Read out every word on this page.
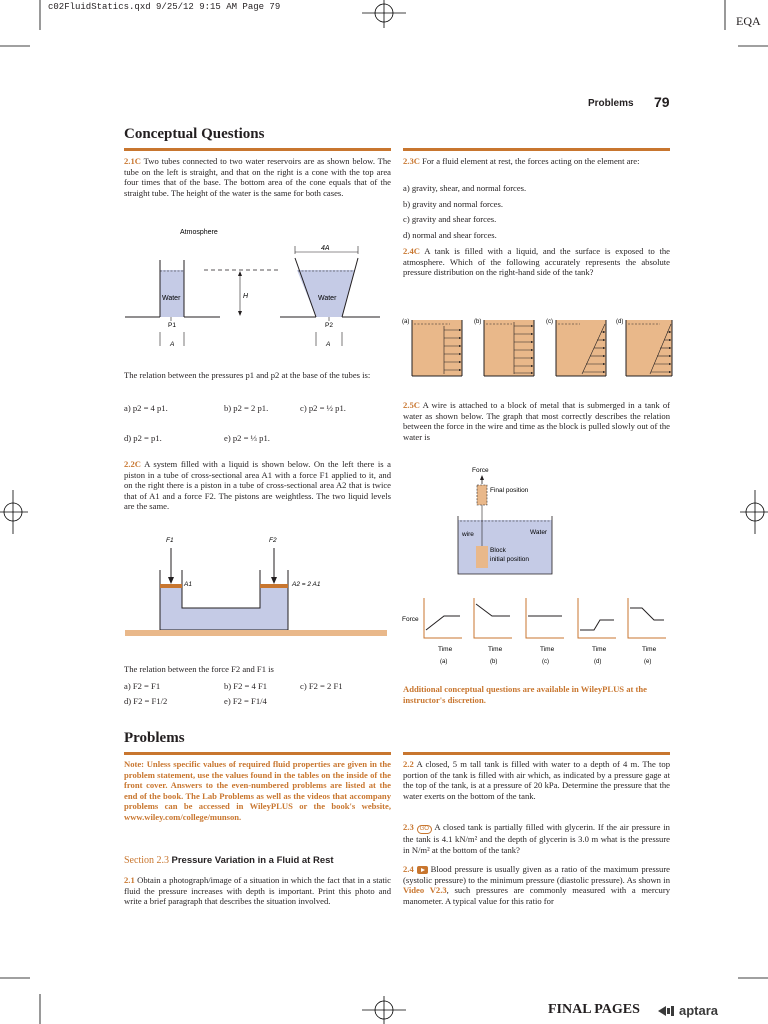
c02FluidStatics.qxd 9/25/12 9:15 AM Page 79
EQA
Problems 79
Conceptual Questions
2.1C Two tubes connected to two water reservoirs are as shown below. The tube on the left is straight, and that on the right is a cone with the top area four times that of the base. The bottom area of the cone equals that of the straight tube. The height of the water is the same for both cases.
Atmosphere
Water
P1
A
H
4A
Water
P2
A
The relation between the pressures p1 and p2 at the base of the tubes is:
a) p2 = 4 p1.	b) p2 = 2 p1.	c) p2 = ½ p1.
d) p2 = p1.	e) p2 = ⅓ p1.
2.2C A system filled with a liquid is shown below. On the left there is a piston in a tube of cross-sectional area A1 with a force F1 applied to it, and on the right there is a piston in a tube of cross-sectional area A2 that is twice that of A1 and a force F2. The pistons are weightless. The two liquid levels are the same.
F1	F2
A1	A2 = 2 A1
The relation between the force F2 and F1 is
a) F2 = F1	b) F2 = 4 F1	c) F2 = 2 F1
d) F2 = F1/2	e) F2 = F1/4
2.3C For a fluid element at rest, the forces acting on the element are:
a) gravity, shear, and normal forces.
b) gravity and normal forces.
c) gravity and shear forces.
d) normal and shear forces.
2.4C A tank is filled with a liquid, and the surface is exposed to the atmosphere. Which of the following accurately represents the absolute pressure distribution on the right-hand side of the tank?
(a)	(b)	(c)	(d)
2.5C A wire is attached to a block of metal that is submerged in a tank of water as shown below. The graph that most correctly describes the relation between the force in the wire and time as the block is pulled slowly out of the water is
Force
Final position
wire	Water
Block
initial position
Force
Time	Time	Time	Time	Time
(a)	(b)	(c)	(d)	(e)
Additional conceptual questions are available in WileyPLUS at the instructor's discretion.
Problems
Note: Unless specific values of required fluid properties are given in the problem statement, use the values found in the tables on the inside of the front cover. Answers to the even-numbered problems are listed at the end of the book. The Lab Problems as well as the videos that accompany problems can be accessed in WileyPLUS or the book's website, www.wiley.com/college/munson.
Section 2.3 Pressure Variation in a Fluid at Rest
2.1 Obtain a photograph/image of a situation in which the fact that in a static fluid the pressure increases with depth is important. Print this photo and write a brief paragraph that describes the situation involved.
2.2 A closed, 5 m tall tank is filled with water to a depth of 4 m. The top portion of the tank is filled with air which, as indicated by a pressure gage at the top of the tank, is at a pressure of 20 kPa. Determine the pressure that the water exerts on the bottom of the tank.
2.3 GO A closed tank is partially filled with glycerin. If the air pressure in the tank is 4.1 kN/m² and the depth of glycerin is 3.0 m what is the pressure in N/m² at the bottom of the tank?
2.4 Blood pressure is usually given as a ratio of the maximum pressure (systolic pressure) to the minimum pressure (diastolic pressure). As shown in Video V2.3, such pressures are commonly measured with a mercury manometer. A typical value for this ratio for
FINAL PAGES	aptara
